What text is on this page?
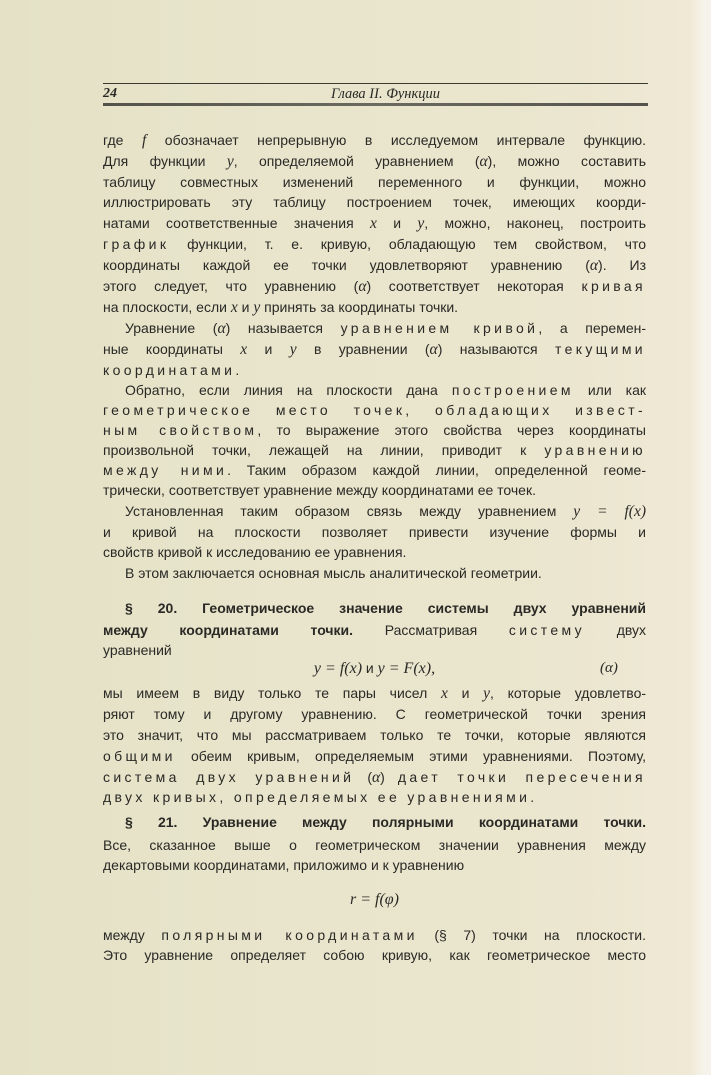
24	Глава II. Функции
где f обозначает непрерывную в исследуемом интервале функцию.
Для функции y, определяемой уравнением (α), можно составить
таблицу совместных изменений переменного и функции, можно
иллюстрировать эту таблицу построением точек, имеющих коорди-
натами соответственные значения x и y, можно, наконец, построить
график функции, т. е. кривую, обладающую тем свойством, что
координаты каждой ее точки удовлетворяют уравнению (α). Из
этого следует, что уравнению (α) соответствует некоторая кривая
на плоскости, если x и y принять за координаты точки.
Уравнение (α) называется уравнением кривой, а перемен-
ные координаты x и y в уравнении (α) называются текущими
координатами.
Обратно, если линия на плоскости дана построением или как
геометрическое место точек, обладающих извест-
ным свойством, то выражение этого свойства через координаты
произвольной точки, лежащей на линии, приводит к уравнению
между ними. Таким образом каждой линии, определенной геоме-
трически, соответствует уравнение между координатами ее точек.
Установленная таким образом связь между уравнением y = f(x)
и кривой на плоскости позволяет привести изучение формы и
свойств кривой к исследованию ее уравнения.
В этом заключается основная мысль аналитической геометрии.
§ 20. Геометрическое значение системы двух уравнений
между координатами точки. Рассматривая систему двух
уравнений
мы имеем в виду только те пары чисел x и y, которые удовлетво-
ряют тому и другому уравнению. С геометрической точки зрения
это значит, что мы рассматриваем только те точки, которые являются
общими обеим кривым, определяемым этими уравнениями. Поэтому,
система двух уравнений (α) дает точки пересечения
двух кривых, определяемых ее уравнениями.
§ 21. Уравнение между полярными координатами точки.
Все, сказанное выше о геометрическом значении уравнения между
декартовыми координатами, приложимо и к уравнению
между полярными координатами (§ 7) точки на плоскости.
Это уравнение определяет собою кривую, как геометрическое место
y = f(x) и y = F(x),	(α)
r = f(φ)
